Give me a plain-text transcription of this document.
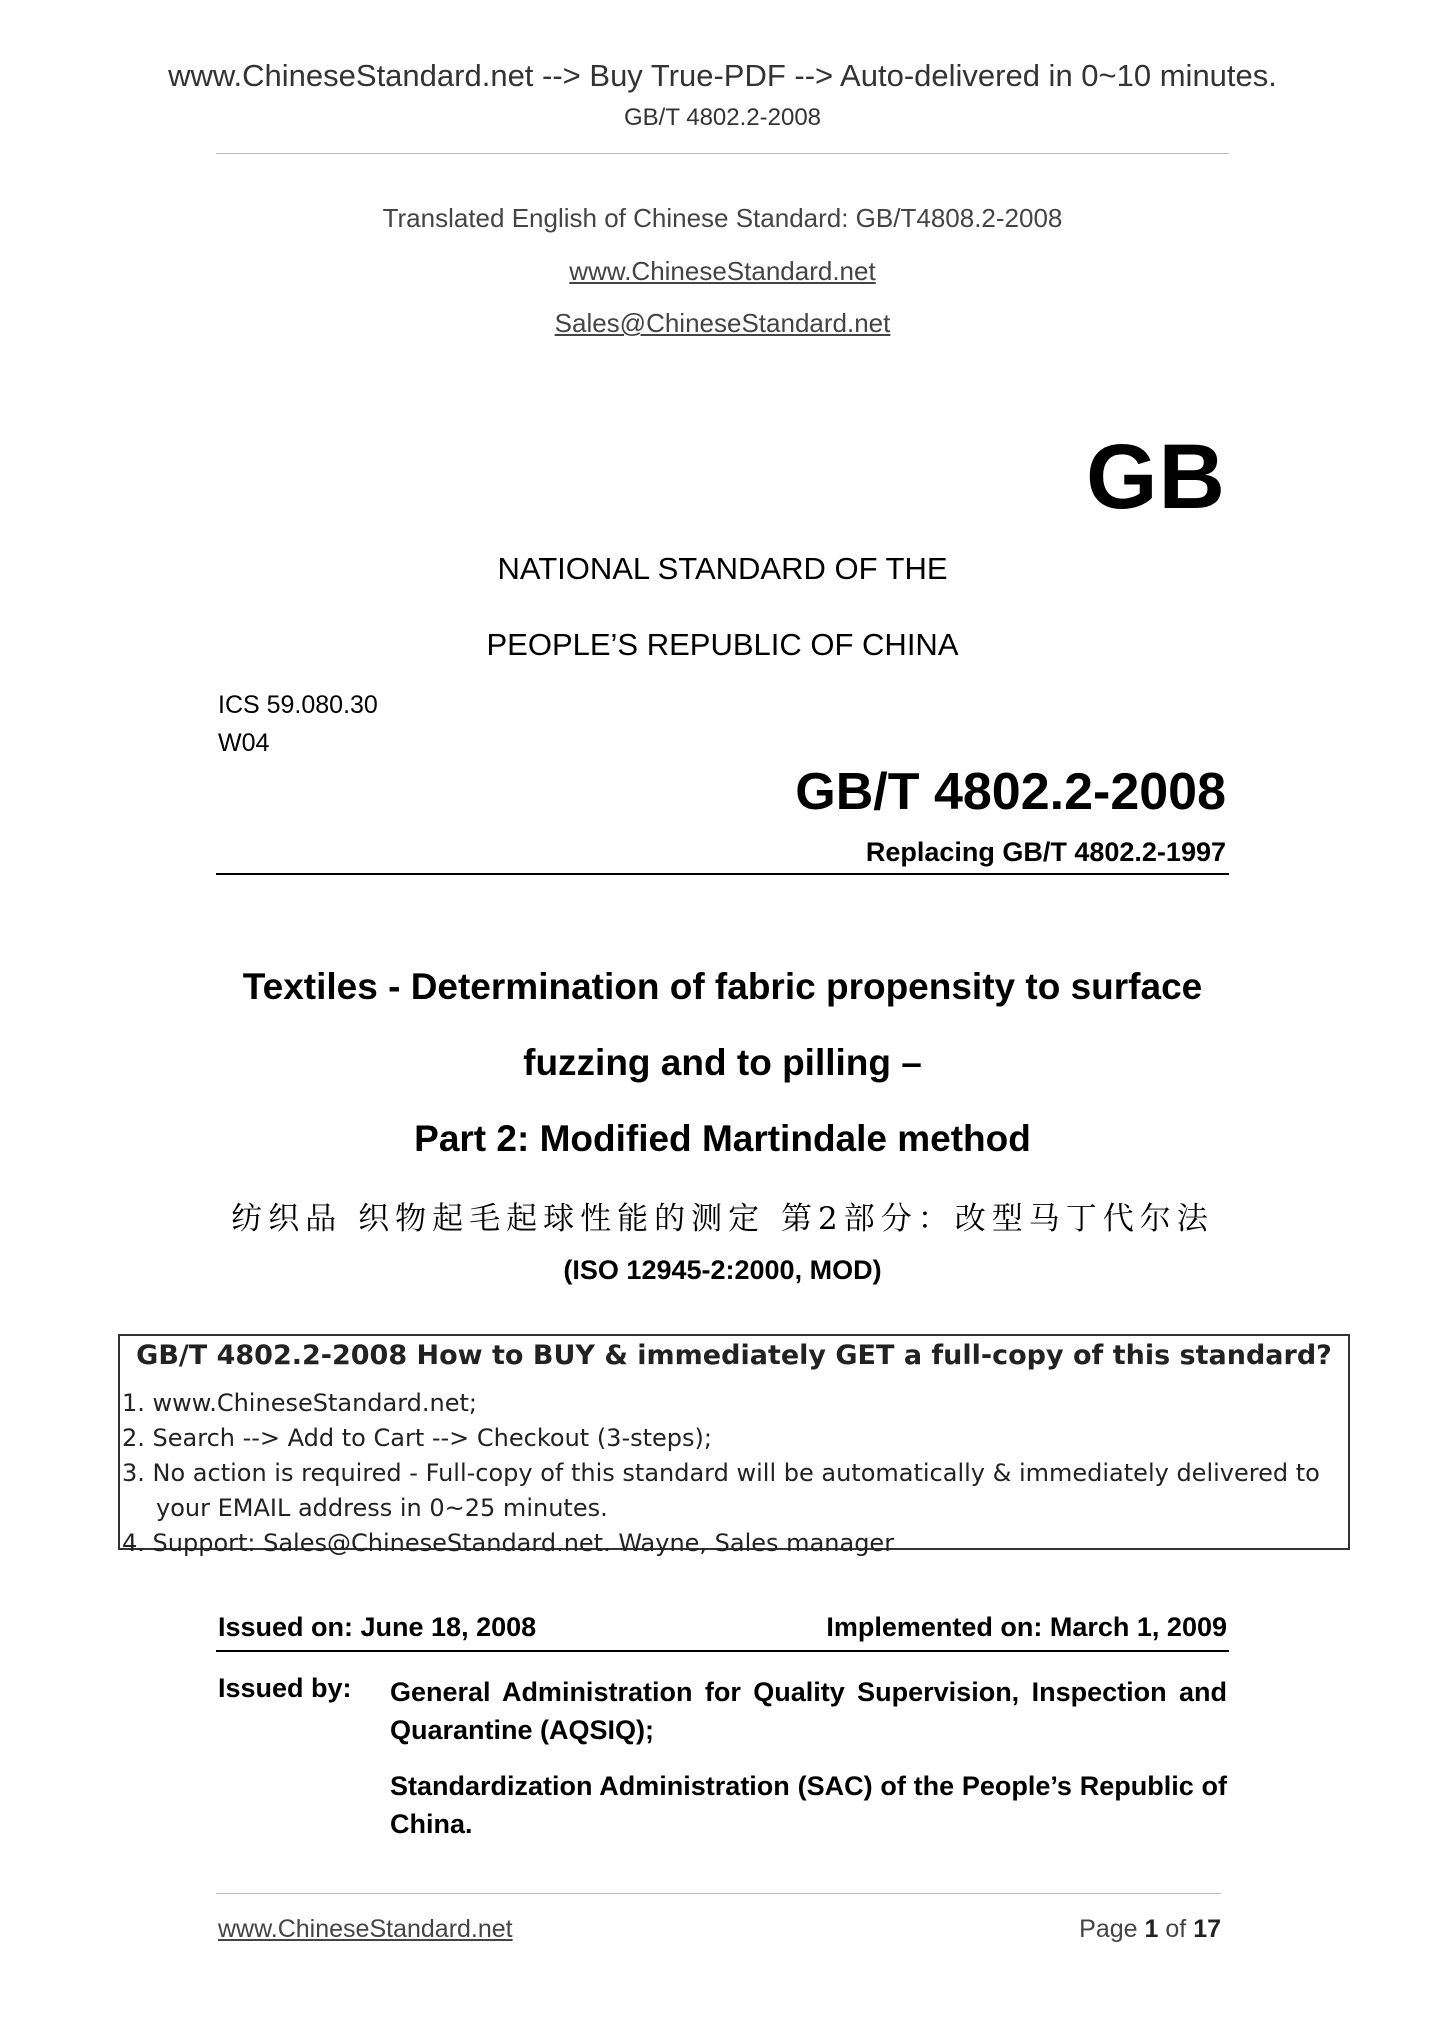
www.ChineseStandard.net --> Buy True-PDF --> Auto-delivered in 0~10 minutes.
GB/T 4802.2-2008
Translated English of Chinese Standard: GB/T4808.2-2008
www.ChineseStandard.net
Sales@ChineseStandard.net
GB
NATIONAL STANDARD OF THE
PEOPLE’S REPUBLIC OF CHINA
ICS 59.080.30
W04
GB/T 4802.2-2008
Replacing GB/T 4802.2-1997
Textiles - Determination of fabric propensity to surface
fuzzing and to pilling –
Part 2: Modified Martindale method
纺织品 织物起毛起球性能的测定 第2部分：改型马丁代尔法
(ISO 12945-2:2000, MOD)
GB/T 4802.2-2008 How to BUY & immediately GET a full-copy of this standard?
1. www.ChineseStandard.net;
2. Search --> Add to Cart --> Checkout (3-steps);
3. No action is required - Full-copy of this standard will be automatically & immediately delivered to
your EMAIL address in 0~25 minutes.
4. Support: Sales@ChineseStandard.net. Wayne, Sales manager
Issued on: June 18, 2008	Implemented on: March 1, 2009
Issued by: General Administration for Quality Supervision, Inspection and Quarantine (AQSIQ);
Standardization Administration (SAC) of the People’s Republic of China.
www.ChineseStandard.net	Page 1 of 17
